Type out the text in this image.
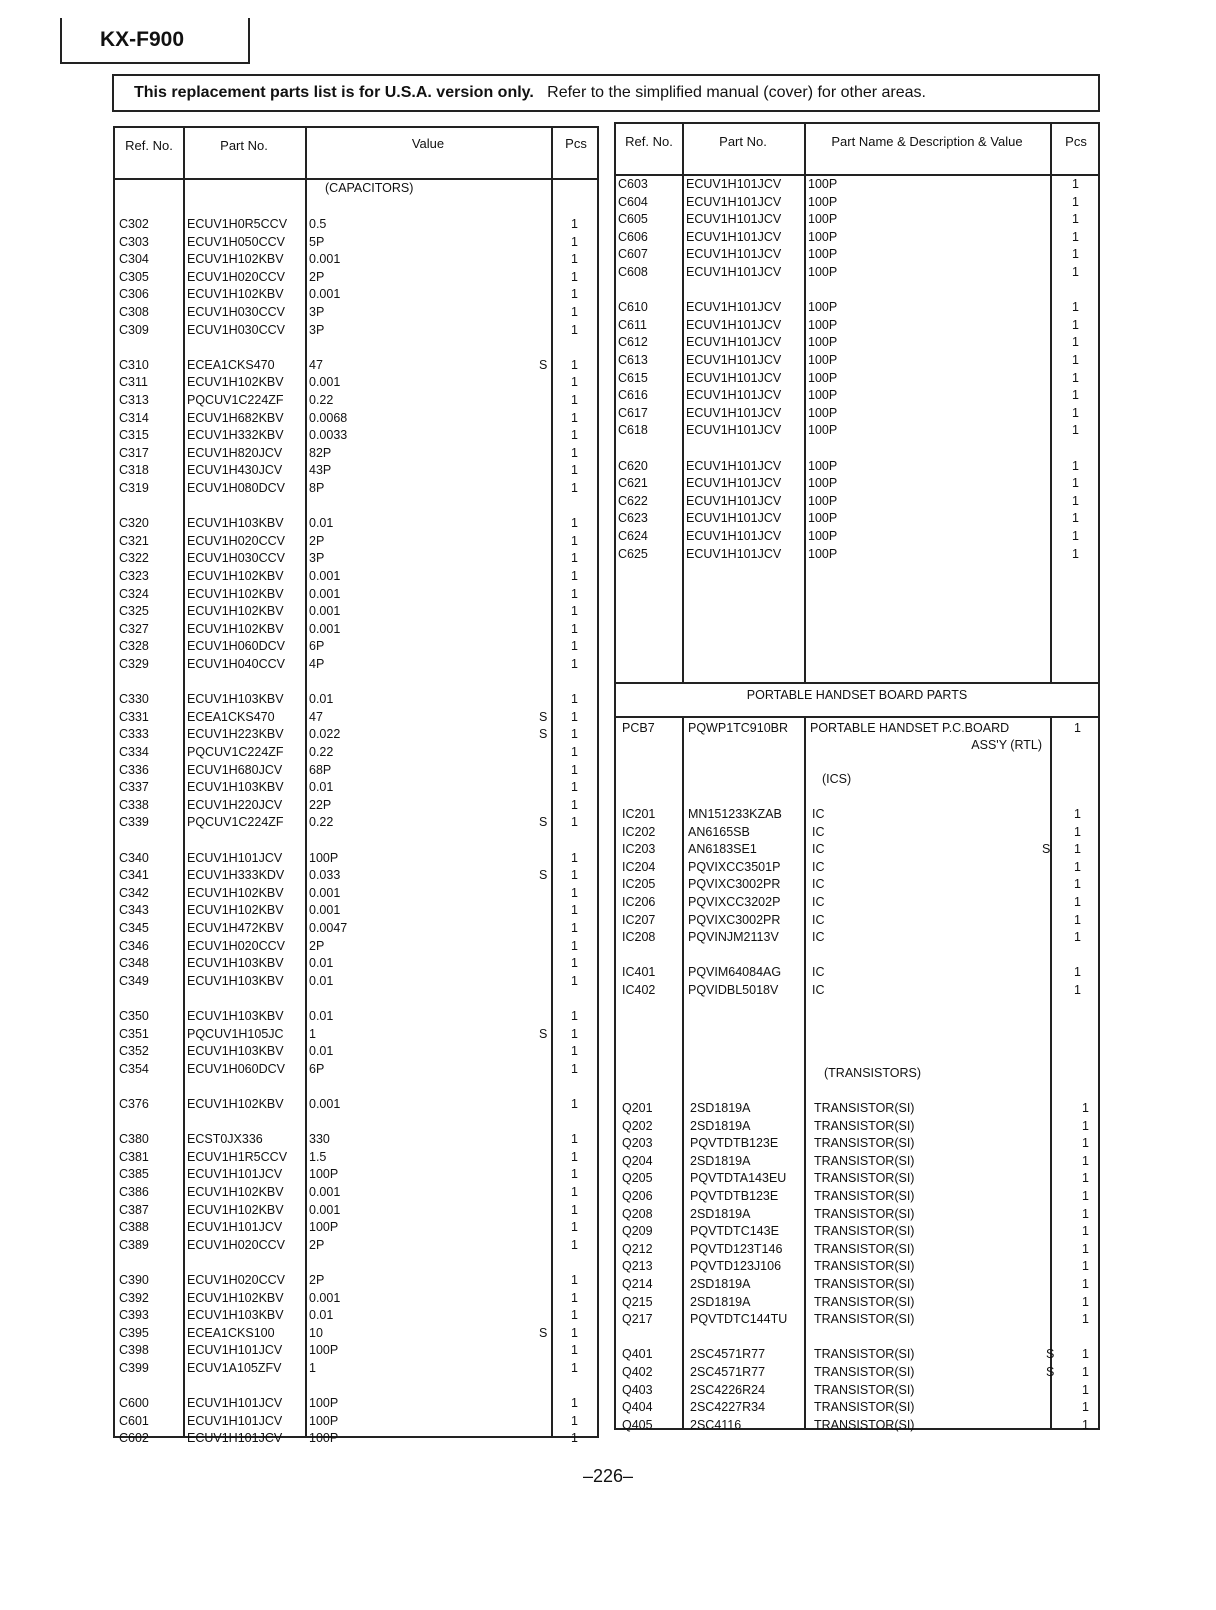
KX-F900
This replacement parts list is for U.S.A. version only. Refer to the simplified manual (cover) for other areas.
Ref. No.	Part No.	Value	Pcs
(CAPACITORS)
C302	ECUV1H0R5CCV 0.5	1
C303	ECUV1H050CCV 5P	1
C304	ECUV1H102KBV 0.001	1
C305	ECUV1H020CCV 2P	1
C306	ECUV1H102KBV 0.001	1
C308	ECUV1H030CCV 3P	1
C309	ECUV1H030CCV 3P	1
C310	ECEA1CKS470	47	S 1
C311	ECUV1H102KBV 0.001	1
C313	PQCUV1C224ZF 0.22	1
C314	ECUV1H682KBV 0.0068	1
C315	ECUV1H332KBV 0.0033	1
C317	ECUV1H820JCV 82P	1
C318	ECUV1H430JCV 43P	1
C319	ECUV1H080DCV 8P	1
C320	ECUV1H103KBV 0.01	1
C321	ECUV1H020CCV 2P	1
C322	ECUV1H030CCV 3P	1
C323	ECUV1H102KBV 0.001	1
C324	ECUV1H102KBV 0.001	1
C325	ECUV1H102KBV 0.001	1
C327	ECUV1H102KBV 0.001	1
C328	ECUV1H060DCV 6P	1
C329	ECUV1H040CCV 4P	1
C330	ECUV1H103KBV 0.01	1
C331	ECEA1CKS470	47	S 1
C333	ECUV1H223KBV 0.022	S 1
C334	PQCUV1C224ZF 0.22	1
C336	ECUV1H680JCV 68P	1
C337	ECUV1H103KBV 0.01	1
C338	ECUV1H220JCV 22P	1
C339	PQCUV1C224ZF 0.22	S 1
C340	ECUV1H101JCV 100P	1
C341	ECUV1H333KDV 0.033	S 1
C342	ECUV1H102KBV 0.001	1
C343	ECUV1H102KBV 0.001	1
C345	ECUV1H472KBV 0.0047	1
C346	ECUV1H020CCV 2P	1
C348	ECUV1H103KBV 0.01	1
C349	ECUV1H103KBV 0.01	1
C350	ECUV1H103KBV 0.01	1
C351	PQCUV1H105JC 1	S 1
C352	ECUV1H103KBV 0.01	1
C354	ECUV1H060DCV 6P	1
C376	ECUV1H102KBV 0.001	1
C380	ECST0JX336	330	1
C381	ECUV1H1R5CCV 1.5	1
C385	ECUV1H101JCV 100P	1
C386	ECUV1H102KBV 0.001	1
C387	ECUV1H102KBV 0.001	1
C388	ECUV1H101JCV 100P	1
C389	ECUV1H020CCV 2P	1
C390	ECUV1H020CCV 2P	1
C392	ECUV1H102KBV 0.001	1
C393	ECUV1H103KBV 0.01	1
C395	ECEA1CKS100	10	S 1
C398	ECUV1H101JCV 100P	1
C399	ECUV1A105ZFV 1	1
C600	ECUV1H101JCV 100P	1
C601	ECUV1H101JCV 100P	1
C602	ECUV1H101JCV 100P	1
Ref. No.	Part No.	Part Name & Description & Value	Pcs
C603	ECUV1H101JCV 100P	1
C604	ECUV1H101JCV 100P	1
C605	ECUV1H101JCV 100P	1
C606	ECUV1H101JCV 100P	1
C607	ECUV1H101JCV 100P	1
C608	ECUV1H101JCV 100P	1
C610	ECUV1H101JCV 100P	1
C611	ECUV1H101JCV 100P	1
C612	ECUV1H101JCV 100P	1
C613	ECUV1H101JCV 100P	1
C615	ECUV1H101JCV 100P	1
C616	ECUV1H101JCV 100P	1
C617	ECUV1H101JCV 100P	1
C618	ECUV1H101JCV 100P	1
C620	ECUV1H101JCV 100P	1
C621	ECUV1H101JCV 100P	1
C622	ECUV1H101JCV 100P	1
C623	ECUV1H101JCV 100P	1
C624	ECUV1H101JCV 100P	1
C625	ECUV1H101JCV 100P	1
PORTABLE HANDSET BOARD PARTS
PCB7	PQWP1TC910BR PORTABLE HANDSET P.C.BOARD	1
ASS'Y (RTL)
(ICS)
IC201	MN151233KZAB IC	1
IC202	AN6165SB	IC	1
IC203	AN6183SE1	IC	S 1
IC204	PQVIXCC3501P	IC	1
IC205	PQVIXC3002PR	IC	1
IC206	PQVIXCC3202P	IC	1
IC207	PQVIXC3002PR	IC	1
IC208	PQVINJM2113V	IC	1
IC401	PQVIM64084AG IC	1
IC402	PQVIDBL5018V	IC	1
(TRANSISTORS)
Q201	2SD1819A	TRANSISTOR(SI)	1
Q202	2SD1819A	TRANSISTOR(SI)	1
Q203	PQVTDTB123E	TRANSISTOR(SI)	1
Q204	2SD1819A	TRANSISTOR(SI)	1
Q205	PQVTDTA143EU TRANSISTOR(SI)	1
Q206	PQVTDTB123E	TRANSISTOR(SI)	1
Q208	2SD1819A	TRANSISTOR(SI)	1
Q209	PQVTDTC143E	TRANSISTOR(SI)	1
Q212	PQVTD123T146	TRANSISTOR(SI)	1
Q213	PQVTD123J106	TRANSISTOR(SI)	1
Q214	2SD1819A	TRANSISTOR(SI)	1
Q215	2SD1819A	TRANSISTOR(SI)	1
Q217	PQVTDTC144TU TRANSISTOR(SI)	1
Q401	2SC4571R77	TRANSISTOR(SI)	S 1
Q402	2SC4571R77	TRANSISTOR(SI)	S 1
Q403	2SC4226R24	TRANSISTOR(SI)	1
Q404	2SC4227R34	TRANSISTOR(SI)	1
Q405	2SC4116	TRANSISTOR(SI)	1
–226–
